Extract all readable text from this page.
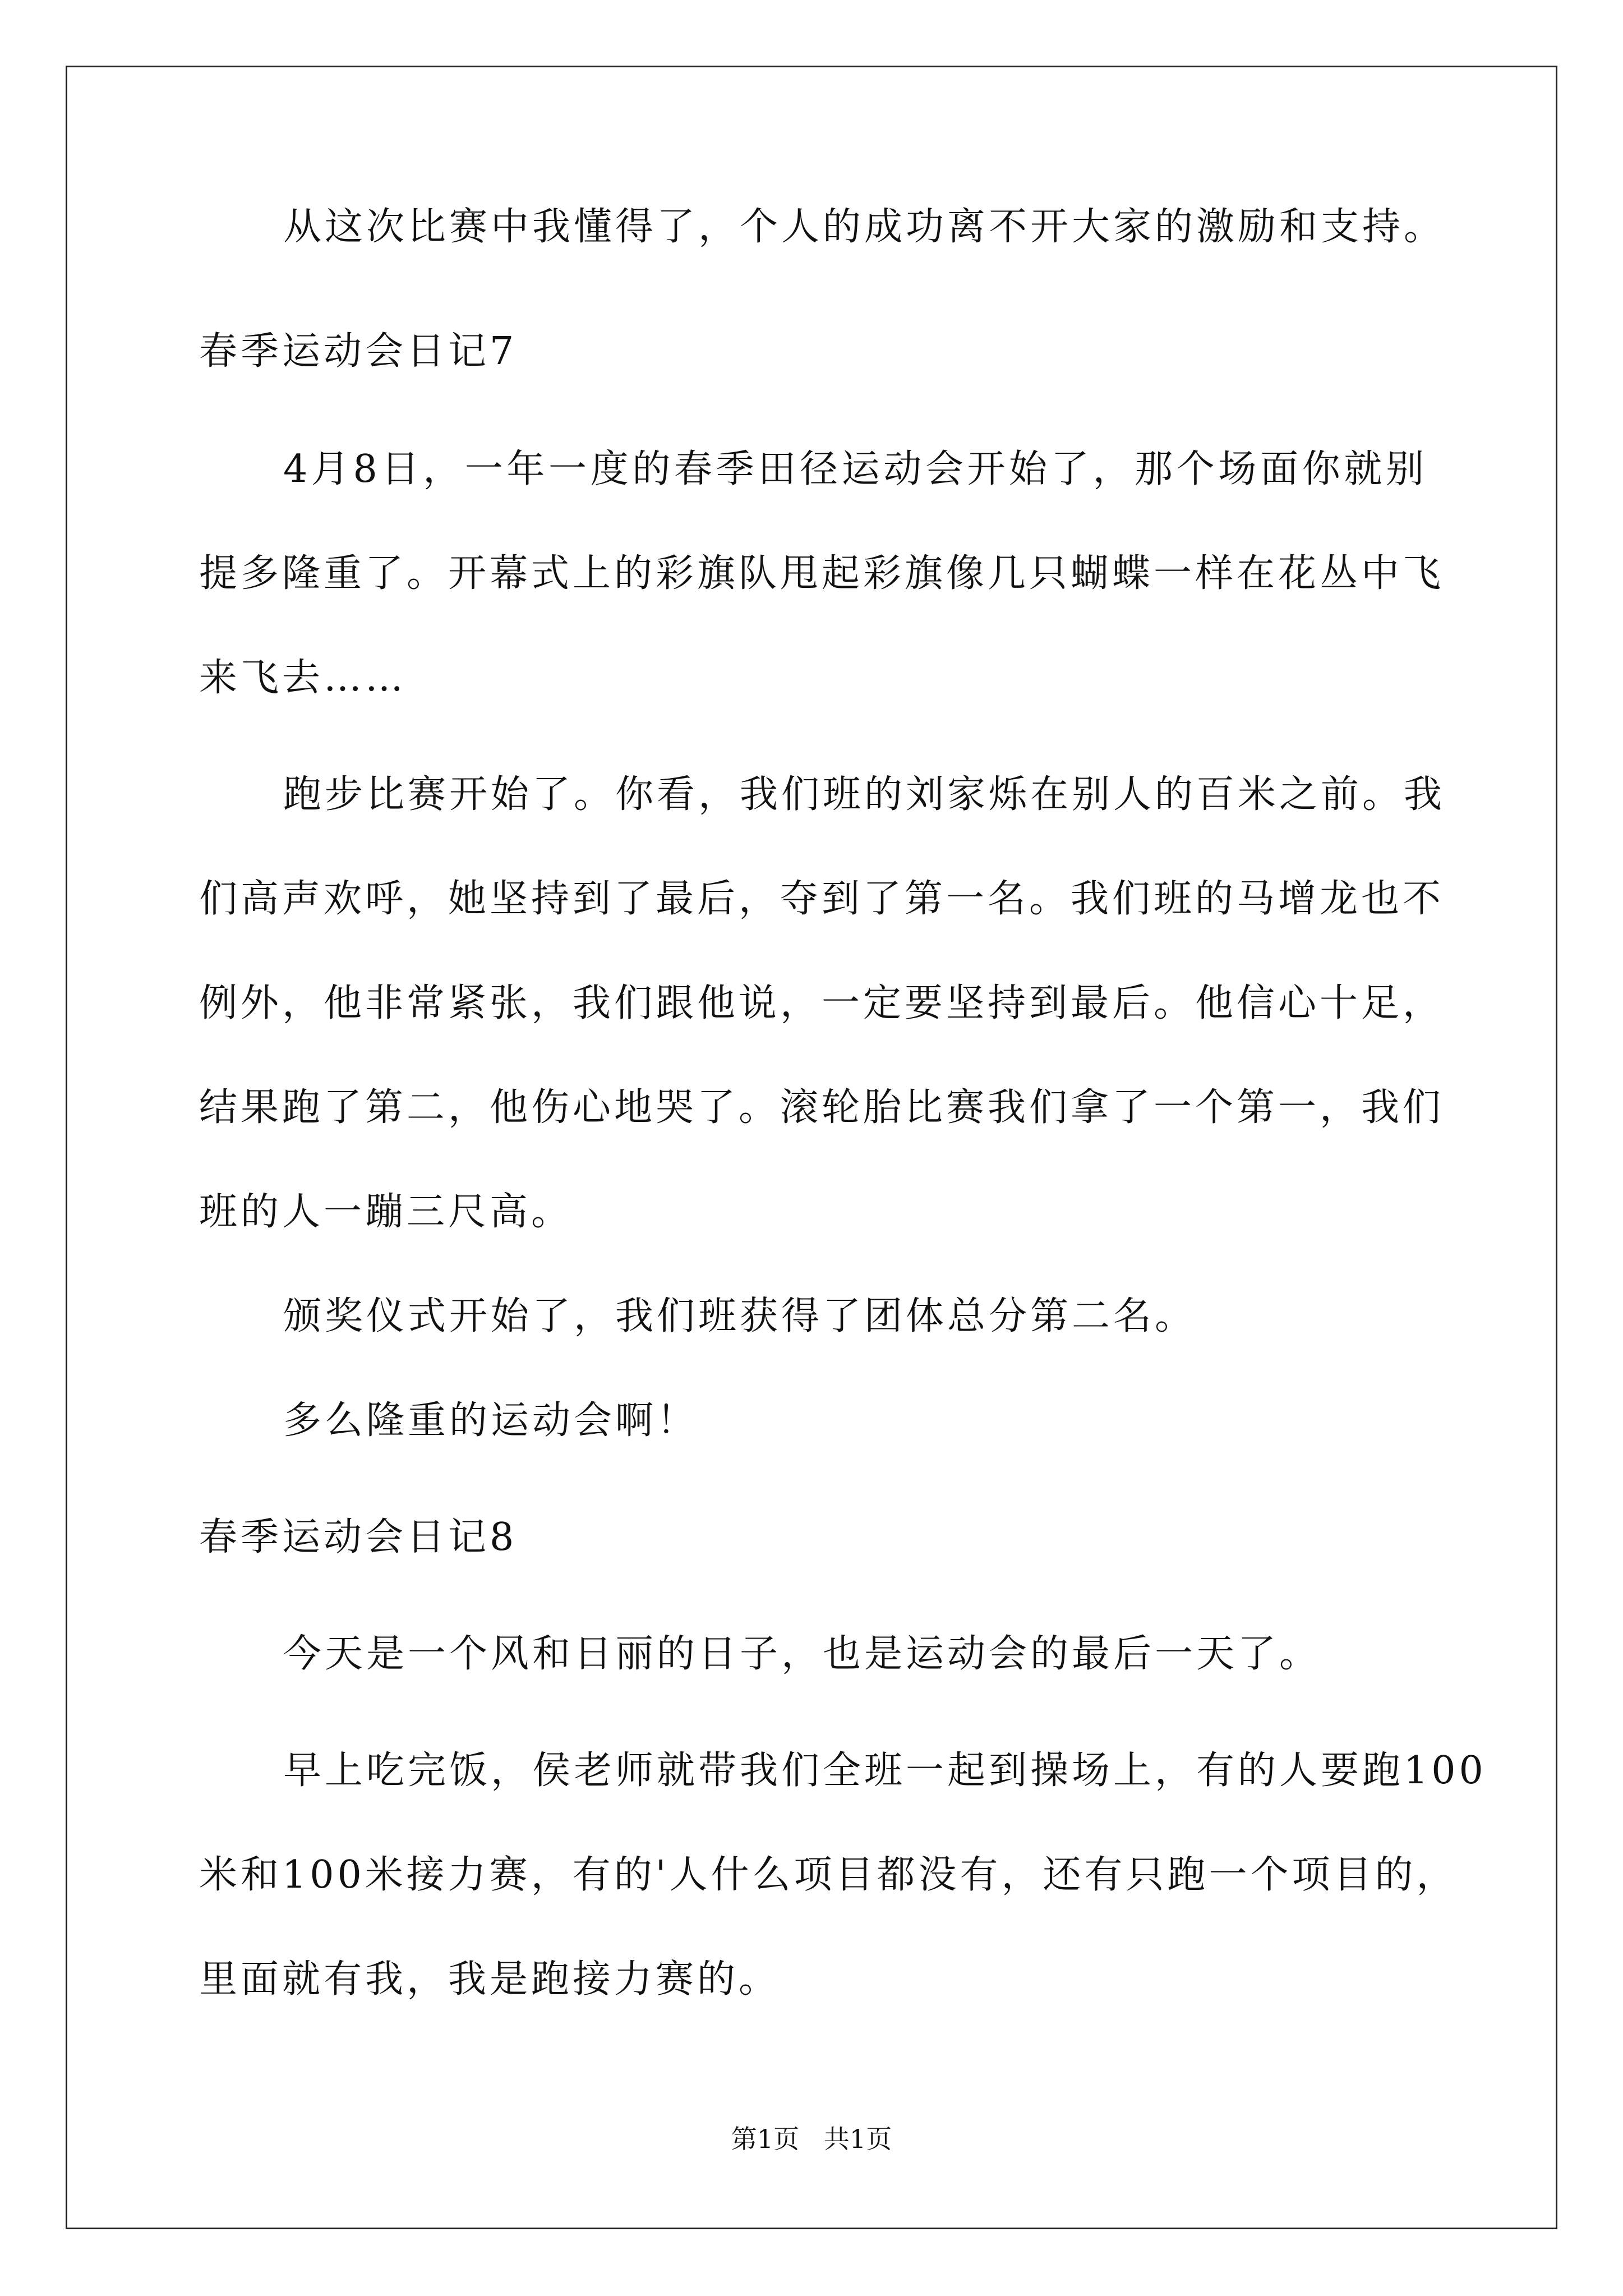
从这次比赛中我懂得了，个人的成功离不开大家的激励和支持。
春季运动会日记7
4月8日，一年一度的春季田径运动会开始了，那个场面你就别
提多隆重了。开幕式上的彩旗队甩起彩旗像几只蝴蝶一样在花丛中飞
来飞去……
跑步比赛开始了。你看，我们班的刘家烁在别人的百米之前。我
们高声欢呼，她坚持到了最后，夺到了第一名。我们班的马增龙也不
例外，他非常紧张，我们跟他说，一定要坚持到最后。他信心十足，
结果跑了第二，他伤心地哭了。滚轮胎比赛我们拿了一个第一，我们
班的人一蹦三尺高。
颁奖仪式开始了，我们班获得了团体总分第二名。
多么隆重的运动会啊！
春季运动会日记8
今天是一个风和日丽的日子，也是运动会的最后一天了。
早上吃完饭，侯老师就带我们全班一起到操场上，有的人要跑100
米和100米接力赛，有的'人什么项目都没有，还有只跑一个项目的，
里面就有我，我是跑接力赛的。
第1页   共1页
